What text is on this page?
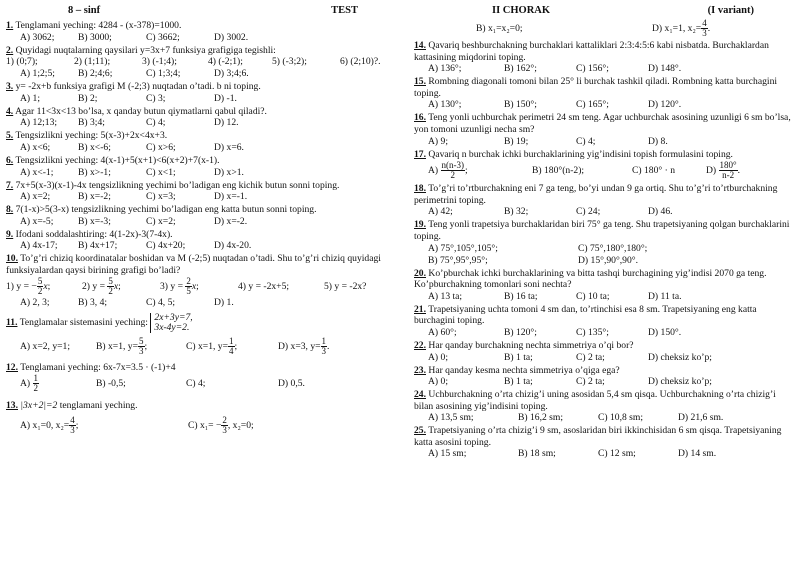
8 – sinf	TEST
1. Tenglamani yeching: 4284 - (x-378)=1000.
A) 3062;	B) 3000;	C) 3662;	D) 3002.
2. Quyidagi nuqtalarning qaysilari y=3x+7 funksiya grafigiga tegishli:
1) (0;7);	2) (1;11);	3) (-1;4);	4) (-2;1);	5) (-3;2);	6) (2;10)?.
A) 1;2;5;	B) 2;4;6;	C) 1;3;4;	D) 3;4;6.
3. y= -2x+b funksiya grafigi M (-2;3) nuqtadan o’tadi. b ni toping.
A) 1;	B) 2;	C) 3;	D) -1.
4. Agar 11<3x<13 bo’lsa, x qanday butun qiymatlarni qabul qiladi?.
A) 12;13;	B) 3;4;	C) 4;	D) 12.
5. Tengsizlikni yeching: 5(x-3)+2x<4x+3.
A) x<6;	B) x<-6;	C) x>6;	D) x=6.
6. Tengsizlikni yeching: 4(x-1)+5(x+1)<6(x+2)+7(x-1).
A) x<-1;	B) x>-1;	C) x<1;	D) x>1.
7. 7x+5(x-3)(x-1)-4x tengsizlikning yechimi bo’ladigan eng kichik butun sonni toping.
A) x=2;	B) x=-2;	C) x=3;	D) x=-1.
8. 7(1-x)>5(3-x) tengsizlikning yechimi bo’ladigan eng katta butun sonni toping.
A) x=-5;	B) x=-3;	C) x=2;	D) x=-2.
9. Ifodani soddalashtiring: 4(1-2x)-3(7-4x).
A) 4x-17;	B) 4x+17;	C) 4x+20;	D) 4x-20.
10. To’g’ri chiziq koordinatalar boshidan va M (-2;5) nuqtadan o’tadi. Shu to’g’ri chiziq quyidagi funksiyalardan qaysi birining grafigi bo’ladi?
1) y = − $\frac{5}{2} x$;	2) $y = \frac{5}{2} x$;	3) $y = \frac{2}{5} x$;	4) y = -2x+5;	5) y = -2x?
A) 2, 3;	B) 3, 4;	C) 4, 5;	D) 1.
11. Tenglamalar sistemasini yeching: 2x+3y=7,
3x-4y=2.
A) x=2, y=1;	B) x=1, $y= \frac{5}{3}$ ;	C) x=1, $y= \frac{1}{4}$ ;	D) x=3, $y= \frac{1}{3}$ .
12. Tenglamani yeching: 6x-7x=3.5 · (-1)+4
$A) \frac{1}{2}$	B) -0,5;	C) 4;	D) 0,5.
13. |3x+2|=2 tenglamani yeching.
A) x₁=0, $x_2= \frac{4}{3}$ ;	C) $x_1= - \frac{2}{3}$ , x₂=0;
II CHORAK	(I variant)
B) x₁=x₂=0;	D) x₁=1, $x_2= \frac{4}{3}$ .
14. Qavariq beshburchakning burchaklari kattaliklari 2:3:4:5:6 kabi nisbatda. Burchaklardan kattasining miqdorini toping.
A) 136°;	B) 162°;	C) 156°;	D) 148°.
15. Rombning diagonali tomoni bilan 25° li burchak tashkil qiladi. Rombning katta burchagini toping.
A) 130°;	B) 150°;	C) 165°;	D) 120°.
16. Teng yonli uchburchak perimetri 24 sm teng. Agar uchburchak asosining uzunligi 6 sm bo’lsa, yon tomoni uzunligi necha sm?
A) 9;	B) 19;	C) 4;	D) 8.
17. Qavariq n burchak ichki burchaklarining yig’indisini topish formulasini toping.
$A) \frac{n(n-3)}{2}$ ;	B) 180°(n-2);	C) 180° · n	$D) \frac{180^\circ}{n-2}$ .
18. To’g’ri to’rtburchakning eni 7 ga teng, bo’yi undan 9 ga ortiq. Shu to’g’ri to’rtburchakning perimetrini toping.
A) 42;	B) 32;	C) 24;	D) 46.
19. Teng yonli trapetsiya burchaklaridan biri 75° ga teng. Shu trapetsiyaning qolgan burchaklarini toping.
A) 75°,105°,105°;	C) 75°,180°,180°;
B) 75°,95°,95°;	D) 15°,90°,90°.
20. Ko’pburchak ichki burchaklarining va bitta tashqi burchagining yig’indisi 2070 ga teng. Ko’pburchakning tomonlari soni nechta?
A) 13 ta;	B) 16 ta;	C) 10 ta;	D) 11 ta.
21. Trapetsiyaning uchta tomoni 4 sm dan, to’rtinchisi esa 8 sm. Trapetsiyaning eng katta burchagini toping.
A) 60°;	B) 120°;	C) 135°;	D) 150°.
22. Har qanday burchakning nechta simmetriya o’qi bor?
A) 0;	B) 1 ta;	C) 2 ta;	D) cheksiz ko’p;
23. Har qanday kesma nechta simmetriya o’qiga ega?
A) 0;	B) 1 ta;	C) 2 ta;	D) cheksiz ko’p;
24. Uchburchakning o’rta chizig’i uning asosidan 5,4 sm qisqa. Uchburchakning o’rta chizig’i bilan asosining yig’indisini toping.
A) 13,5 sm;	B) 16,2 sm;	C) 10,8 sm;	D) 21,6 sm.
25. Trapetsiyaning o’rta chizig’i 9 sm, asoslaridan biri ikkinchisidan 6 sm qisqa. Trapetsiyaning katta asosini toping.
A) 15 sm;	B) 18 sm;	C) 12 sm;	D) 14 sm.
